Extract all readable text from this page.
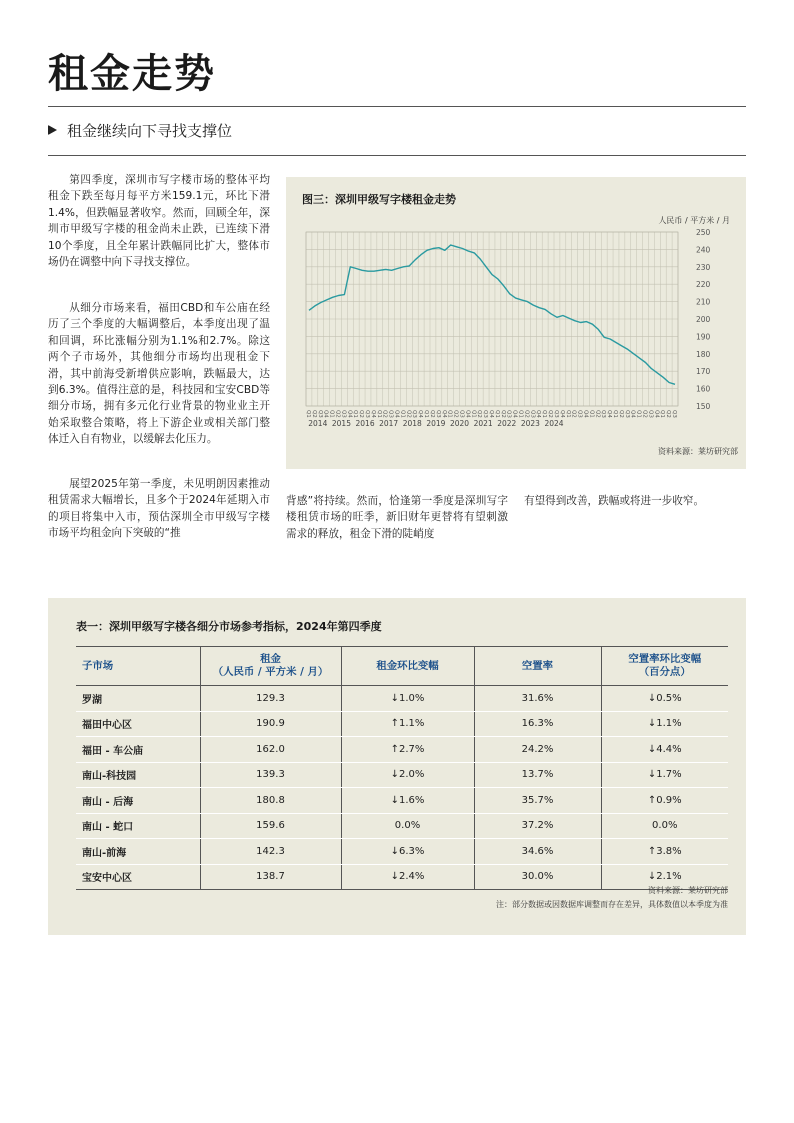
租金走势
租金继续向下寻找支撑位

第四季度，深圳市写字楼市场的整体平均租金下跌至每月每平方米159.1元，环比下滑1.4%，但跌幅显著收窄。然而，回顾全年，深圳市甲级写字楼的租金尚未止跌，已连续下滑10个季度，且全年累计跌幅同比扩大，整体市场仍在调整中向下寻找支撑位。

从细分市场来看，福田CBD和车公庙在经历了三个季度的大幅调整后，本季度出现了温和回调，环比涨幅分别为1.1%和2.7%。除这两个子市场外，其他细分市场均出现租金下滑，其中前海受新增供应影响，跌幅最大，达到6.3%。值得注意的是，科技园和宝安CBD等细分市场，拥有多元化行业背景的物业业主开始采取整合策略，将上下游企业或相关部门整体迁入自有物业，以缓解去化压力。

展望2025年第一季度，未见明朗因素推动租赁需求大幅增长，且多个于2024年延期入市的项目将集中入市，预估深圳全市甲级写字楼市场平均租金向下突破的“推

背感”将持续。然而，恰逢第一季度是深圳写字楼租赁市场的旺季，新旧财年更替将有望刺激需求的释放，租金下滑的陡峭度

有望得到改善，跌幅或将进一步收窄。

图三：深圳甲级写字楼租金走势
人民币 / 平方米 / 月
150
160
170
180
190
200
210
220
230
240
250
Q1 Q2 Q3 Q4 Q1 Q2 Q3 Q4 Q1 Q2 Q3 Q4 Q1 Q2 Q3 Q4 Q1 Q2 Q3 Q4 Q1 Q2 Q3 Q4 Q1 Q2 Q3 Q4 Q1 Q2 Q3 Q4 Q1 Q2 Q3 Q4 Q1 Q2 Q3 Q4 Q1 Q2 Q3 Q4 Q1 Q2 Q3 Q4 Q1 Q2 Q3 Q4 Q1 Q2 Q3 Q4 Q1 Q2 Q3 Q4 Q1 Q2 Q3
2014 2015 2016 2017 2018 2019 2020 2021 2022 2023 2024
资料来源：莱坊研究部
表一：深圳甲级写字楼各细分市场参考指标，2024年第四季度
子市场	租金
（人民币 / 平方米 / 月）	租金环比变幅	空置率	空置率环比变幅
（百分点）
罗湖	129.3	↓1.0%	31.6%	↓0.5%
福田中心区	190.9	↑1.1%	16.3%	↓1.1%
福田 - 车公庙	162.0	↑2.7%	24.2%	↓4.4%
南山-科技园	139.3	↓2.0%	13.7%	↓1.7%
南山 - 后海	180.8	↓1.6%	35.7%	↑0.9%
南山 - 蛇口	159.6	0.0%	37.2%	0.0%
南山-前海	142.3	↓6.3%	34.6%	↑3.8%
宝安中心区	138.7	↓2.4%	30.0%	↓2.1%
资料来源：莱坊研究部
注：部分数据或因数据库调整而存在差异，具体数值以本季度为准
